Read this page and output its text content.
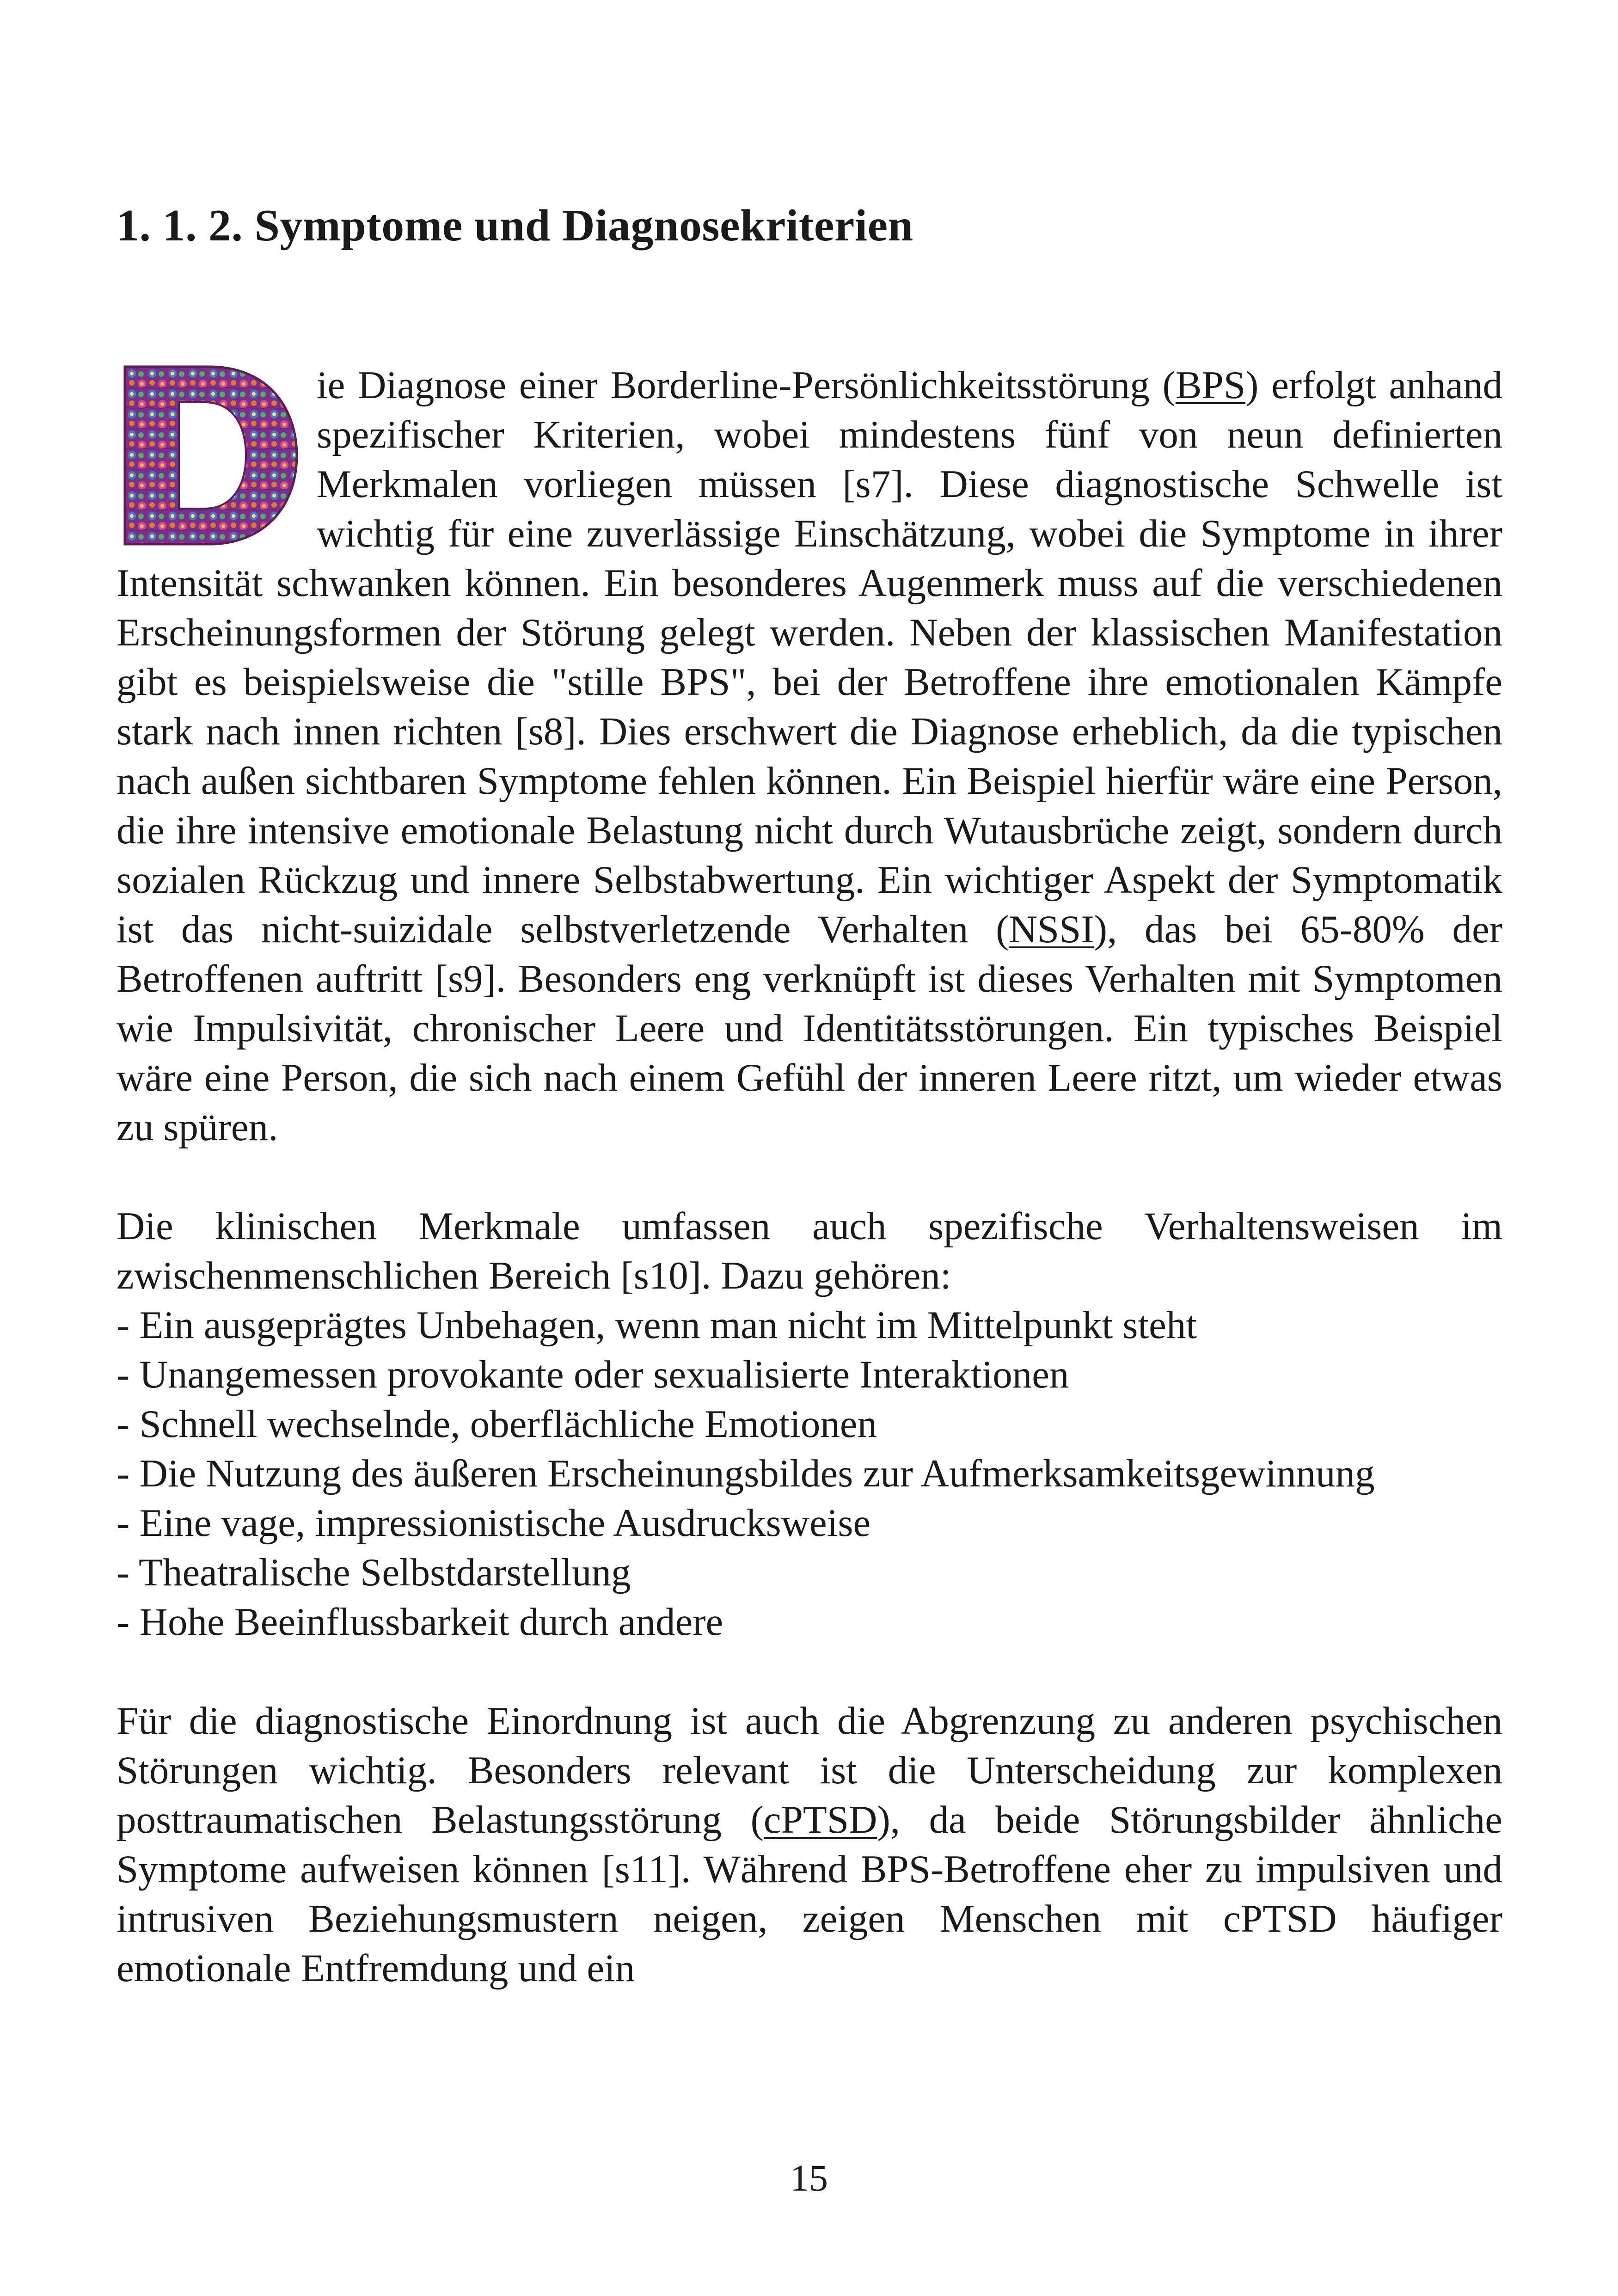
1. 1. 2. Symptome und Diagnosekriterien

ie Diagnose einer Borderline-Persönlichkeitsstörung (BPS) erfolgt anhand spezifischer Kriterien, wobei mindestens fünf von neun definierten Merkmalen vorliegen müssen [s7]. Diese diagnostische Schwelle ist wichtig für eine zuverlässige Einschätzung, wobei die Symptome in ihrer Intensität schwanken können. Ein besonderes Augenmerk muss auf die verschiedenen Erscheinungsformen der Störung gelegt werden. Neben der klassischen Manifestation gibt es beispielsweise die "stille BPS", bei der Betroffene ihre emotionalen Kämpfe stark nach innen richten [s8]. Dies erschwert die Diagnose erheblich, da die typischen nach außen sichtbaren Symptome fehlen können. Ein Beispiel hierfür wäre eine Person, die ihre intensive emotionale Belastung nicht durch Wutausbrüche zeigt, sondern durch sozialen Rückzug und innere Selbstabwertung. Ein wichtiger Aspekt der Symptomatik ist das nicht-suizidale selbstverletzende Verhalten (NSSI), das bei 65-80% der Betroffenen auftritt [s9]. Besonders eng verknüpft ist dieses Verhalten mit Symptomen wie Impulsivität, chronischer Leere und Identitätsstörungen. Ein typisches Beispiel wäre eine Person, die sich nach einem Gefühl der inneren Leere ritzt, um wieder etwas zu spüren.

Die klinischen Merkmale umfassen auch spezifische Verhaltensweisen im zwischenmenschlichen Bereich [s10]. Dazu gehören:

- Ein ausgeprägtes Unbehagen, wenn man nicht im Mittelpunkt steht

- Unangemessen provokante oder sexualisierte Interaktionen

- Schnell wechselnde, oberflächliche Emotionen

- Die Nutzung des äußeren Erscheinungsbildes zur Aufmerksamkeitsgewinnung

- Eine vage, impressionistische Ausdrucksweise

- Theatralische Selbstdarstellung

- Hohe Beeinflussbarkeit durch andere

Für die diagnostische Einordnung ist auch die Abgrenzung zu anderen psychischen Störungen wichtig. Besonders relevant ist die Unterscheidung zur komplexen posttraumatischen Belastungsstörung (cPTSD), da beide Störungsbilder ähnliche Symptome aufweisen können [s11]. Während BPS-Betroffene eher zu impulsiven und intrusiven Beziehungsmustern neigen, zeigen Menschen mit cPTSD häufiger emotionale Entfremdung und ein

15
